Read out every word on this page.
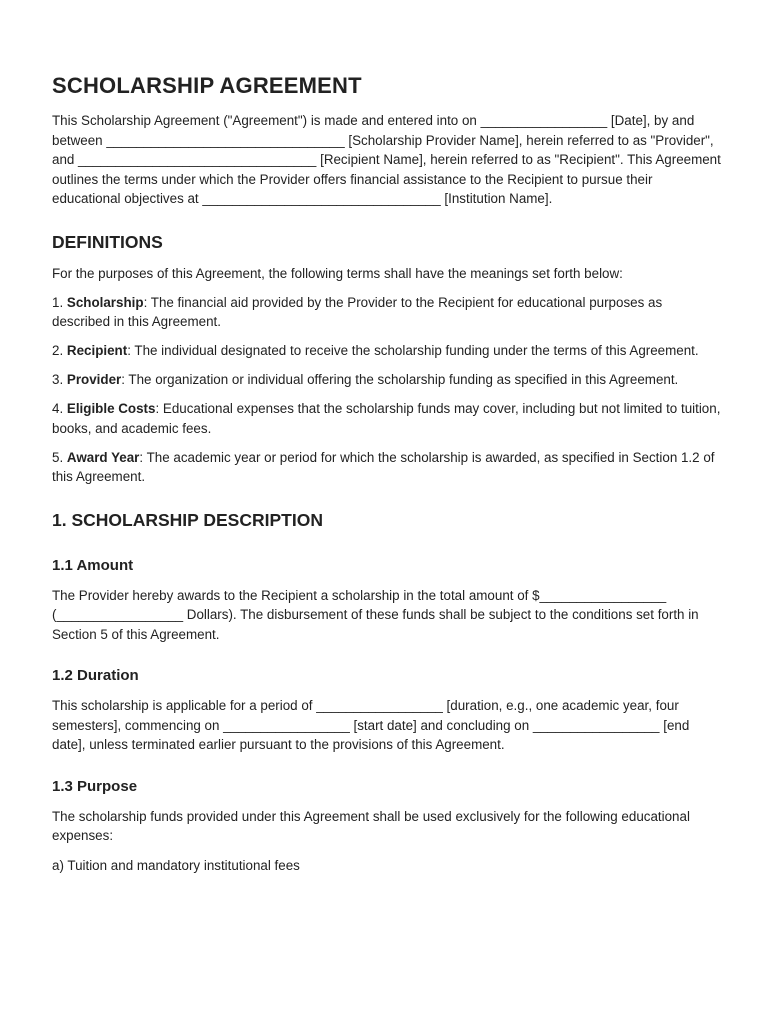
SCHOLARSHIP AGREEMENT

This Scholarship Agreement ("Agreement") is made and entered into on _________________ [Date], by and between ________________________________ [Scholarship Provider Name], herein referred to as "Provider", and ________________________________ [Recipient Name], herein referred to as "Recipient". This Agreement outlines the terms under which the Provider offers financial assistance to the Recipient to pursue their educational objectives at ________________________________ [Institution Name].

DEFINITIONS

For the purposes of this Agreement, the following terms shall have the meanings set forth below:

1. Scholarship: The financial aid provided by the Provider to the Recipient for educational purposes as described in this Agreement.

2. Recipient: The individual designated to receive the scholarship funding under the terms of this Agreement.

3. Provider: The organization or individual offering the scholarship funding as specified in this Agreement.

4. Eligible Costs: Educational expenses that the scholarship funds may cover, including but not limited to tuition, books, and academic fees.

5. Award Year: The academic year or period for which the scholarship is awarded, as specified in Section 1.2 of this Agreement.

1. SCHOLARSHIP DESCRIPTION
1.1 Amount

The Provider hereby awards to the Recipient a scholarship in the total amount of $_________________ (_________________ Dollars). The disbursement of these funds shall be subject to the conditions set forth in Section 5 of this Agreement.

1.2 Duration

This scholarship is applicable for a period of _________________ [duration, e.g., one academic year, four semesters], commencing on _________________ [start date] and concluding on _________________ [end date], unless terminated earlier pursuant to the provisions of this Agreement.

1.3 Purpose

The scholarship funds provided under this Agreement shall be used exclusively for the following educational expenses:

a) Tuition and mandatory institutional fees
